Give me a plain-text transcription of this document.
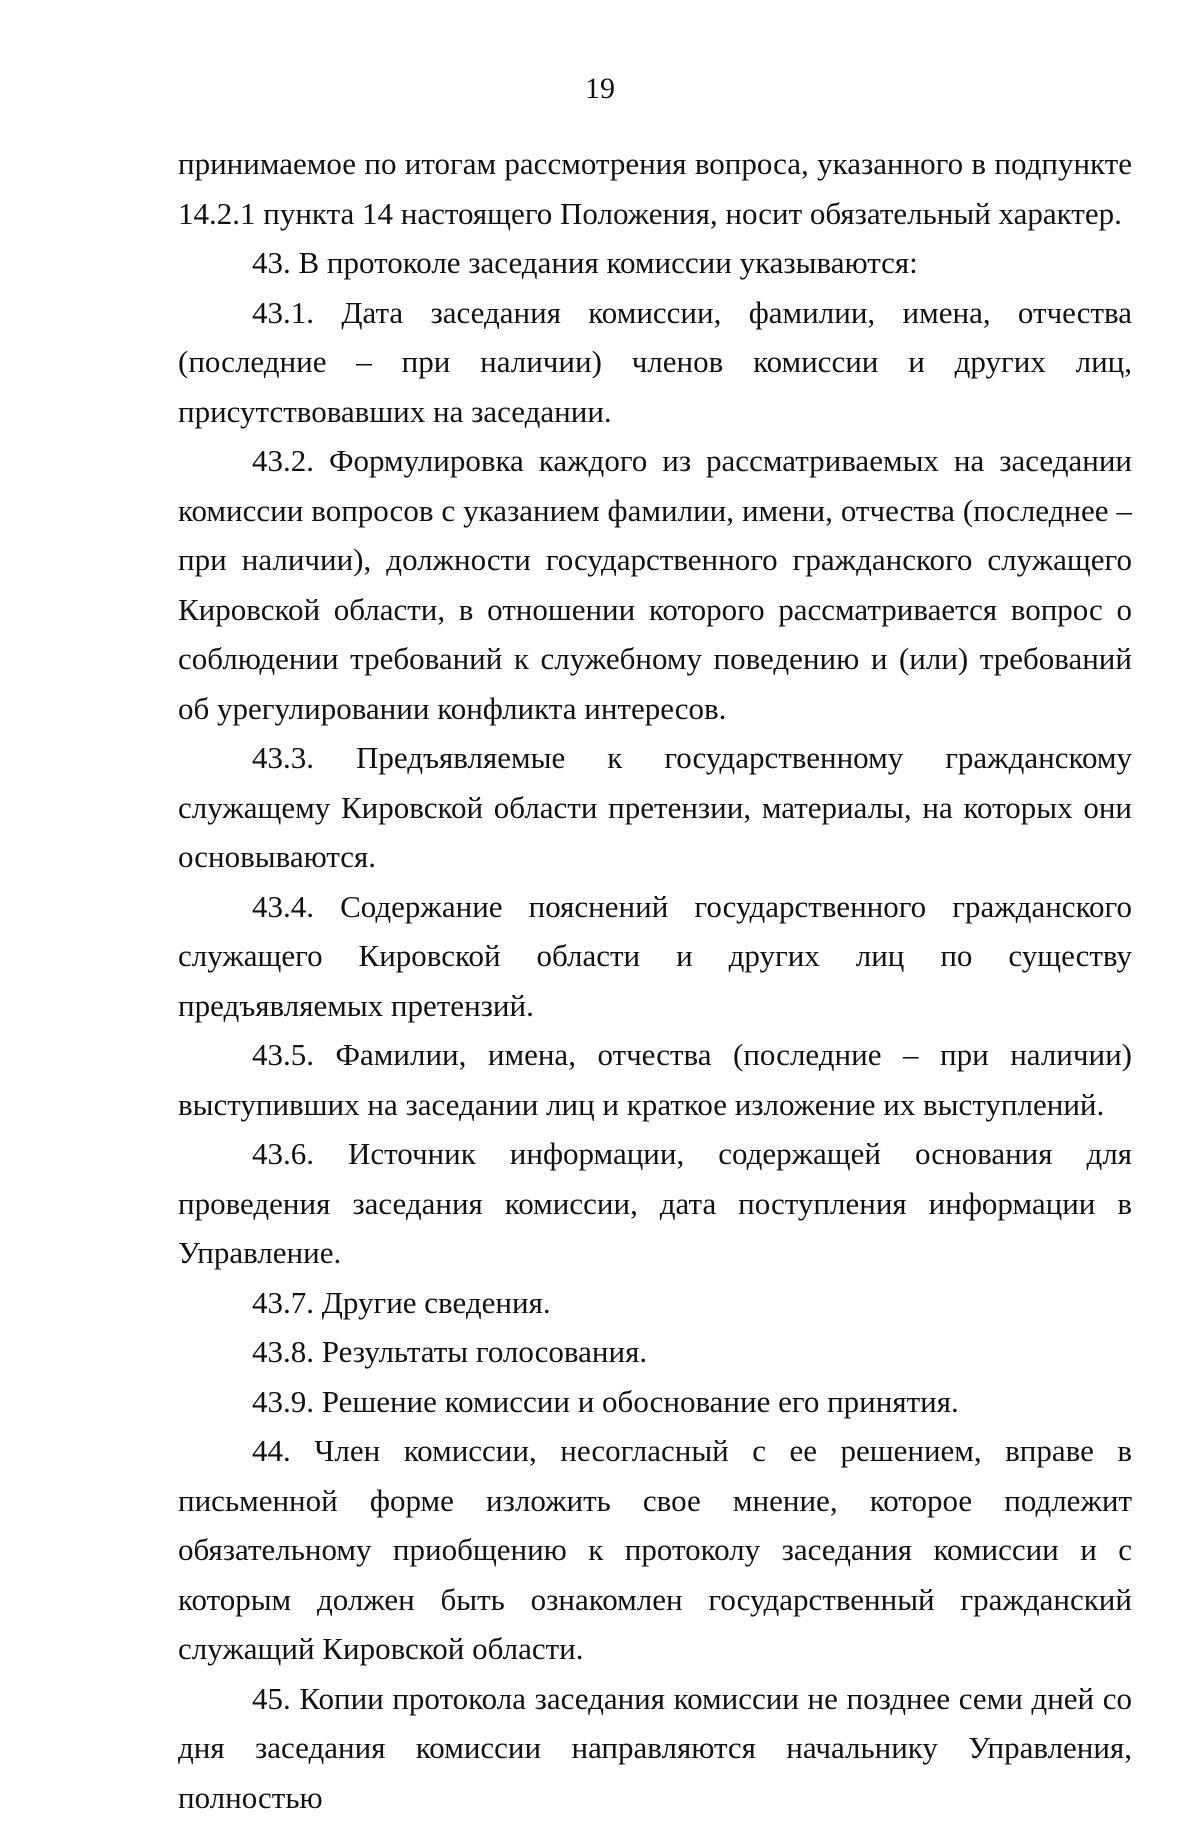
19

принимаемое по итогам рассмотрения вопроса, указанного в подпункте 14.2.1 пункта 14 настоящего Положения, носит обязательный характер.

43. В протоколе заседания комиссии указываются:

43.1. Дата заседания комиссии, фамилии, имена, отчества (последние – при наличии) членов комиссии и других лиц, присутствовавших на заседании.

43.2. Формулировка каждого из рассматриваемых на заседании комиссии вопросов с указанием фамилии, имени, отчества (последнее – при наличии), должности государственного гражданского служащего Кировской области, в отношении которого рассматривается вопрос о соблюдении требований к служебному поведению и (или) требований об урегулировании конфликта интересов.

43.3. Предъявляемые к государственному гражданскому служащему Кировской области претензии, материалы, на которых они основываются.

43.4. Содержание пояснений государственного гражданского служащего Кировской области и других лиц по существу предъявляемых претензий.

43.5. Фамилии, имена, отчества (последние – при наличии) выступивших на заседании лиц и краткое изложение их выступлений.

43.6. Источник информации, содержащей основания для проведения заседания комиссии, дата поступления информации в Управление.

43.7. Другие сведения.

43.8. Результаты голосования.

43.9. Решение комиссии и обоснование его принятия.

44. Член комиссии, несогласный с ее решением, вправе в письменной форме изложить свое мнение, которое подлежит обязательному приобщению к протоколу заседания комиссии и с которым должен быть ознакомлен государственный гражданский служащий Кировской области.

45. Копии протокола заседания комиссии не позднее семи дней со дня заседания комиссии направляются начальнику Управления, полностью
